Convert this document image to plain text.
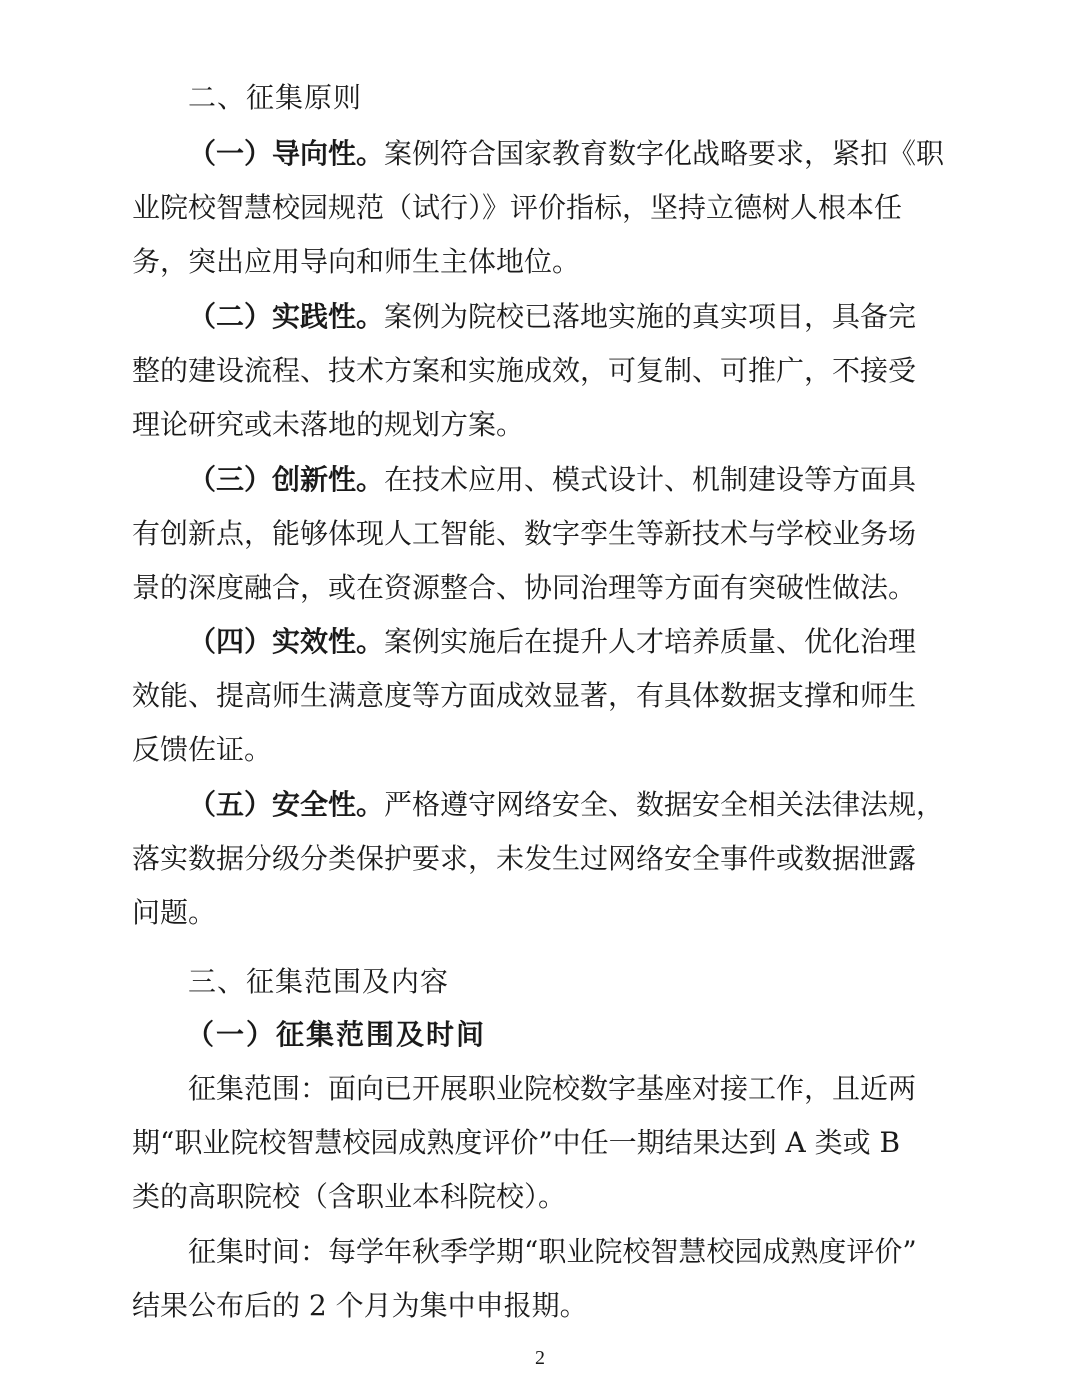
二、征集原则

（一）导向性。案例符合国家教育数字化战略要求，紧扣《职
业院校智慧校园规范（试行）》评价指标，坚持立德树人根本任
务，突出应用导向和师生主体地位。

（二）实践性。案例为院校已落地实施的真实项目，具备完
整的建设流程、技术方案和实施成效，可复制、可推广，不接受
理论研究或未落地的规划方案。

（三）创新性。在技术应用、模式设计、机制建设等方面具
有创新点，能够体现人工智能、数字孪生等新技术与学校业务场
景的深度融合，或在资源整合、协同治理等方面有突破性做法。

（四）实效性。案例实施后在提升人才培养质量、优化治理
效能、提高师生满意度等方面成效显著，有具体数据支撑和师生
反馈佐证。

（五）安全性。严格遵守网络安全、数据安全相关法律法规，
落实数据分级分类保护要求，未发生过网络安全事件或数据泄露
问题。

三、征集范围及内容
（一）征集范围及时间

征集范围：面向已开展职业院校数字基座对接工作，且近两
期“职业院校智慧校园成熟度评价”中任一期结果达到 A 类或 B
类的高职院校（含职业本科院校）。

征集时间：每学年秋季学期“职业院校智慧校园成熟度评价”
结果公布后的 2 个月为集中申报期。

2
